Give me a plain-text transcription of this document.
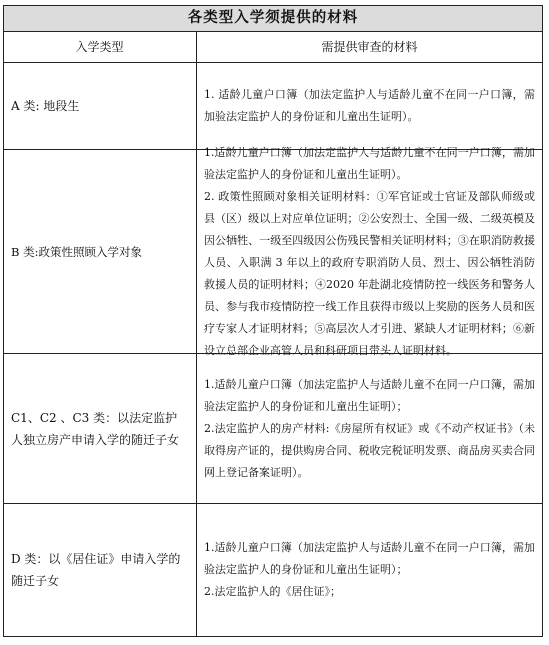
各类型入学须提供的材料
入学类型	需提供审查的材料
A 类: 地段生

1. 适龄儿童户口簿（加法定监护人与适龄儿童不在同一户口簿，需加验法定监护人的身份证和儿童出生证明）。

B 类:政策性照顾入学对象

1.适龄儿童户口簿（加法定监护人与适龄儿童不在同一户口簿，需加验法定监护人的身份证和儿童出生证明）。

2. 政策性照顾对象相关证明材料：①军官证或士官证及部队师级或县（区）级以上对应单位证明；②公安烈士、全国一级、二级英模及因公牺牲、一级至四级因公伤残民警相关证明材料；③在职消防救援人员、入职满 3 年以上的政府专职消防人员、烈士、因公牺牲消防救援人员的证明材料；④2020 年赴湖北疫情防控一线医务和警务人员、参与我市疫情防控一线工作且获得市级以上奖励的医务人员和医疗专家人才证明材料；⑤高层次人才引进、紧缺人才证明材料；⑥新设立总部企业高管人员和科研项目带头人证明材料。

C1、C2 、C3 类：以法定监护人独立房产申请入学的随迁子女

1.适龄儿童户口簿（加法定监护人与适龄儿童不在同一户口簿，需加验法定监护人的身份证和儿童出生证明）；

2.法定监护人的房产材料:《房屋所有权证》或《不动产权证书》（未取得房产证的，提供购房合同、税收完税证明发票、商品房买卖合同网上登记备案证明）。

D 类：以《居住证》申请入学的随迁子女

1.适龄儿童户口簿（加法定监护人与适龄儿童不在同一户口簿，需加验法定监护人的身份证和儿童出生证明）；

2.法定监护人的《居住证》；
